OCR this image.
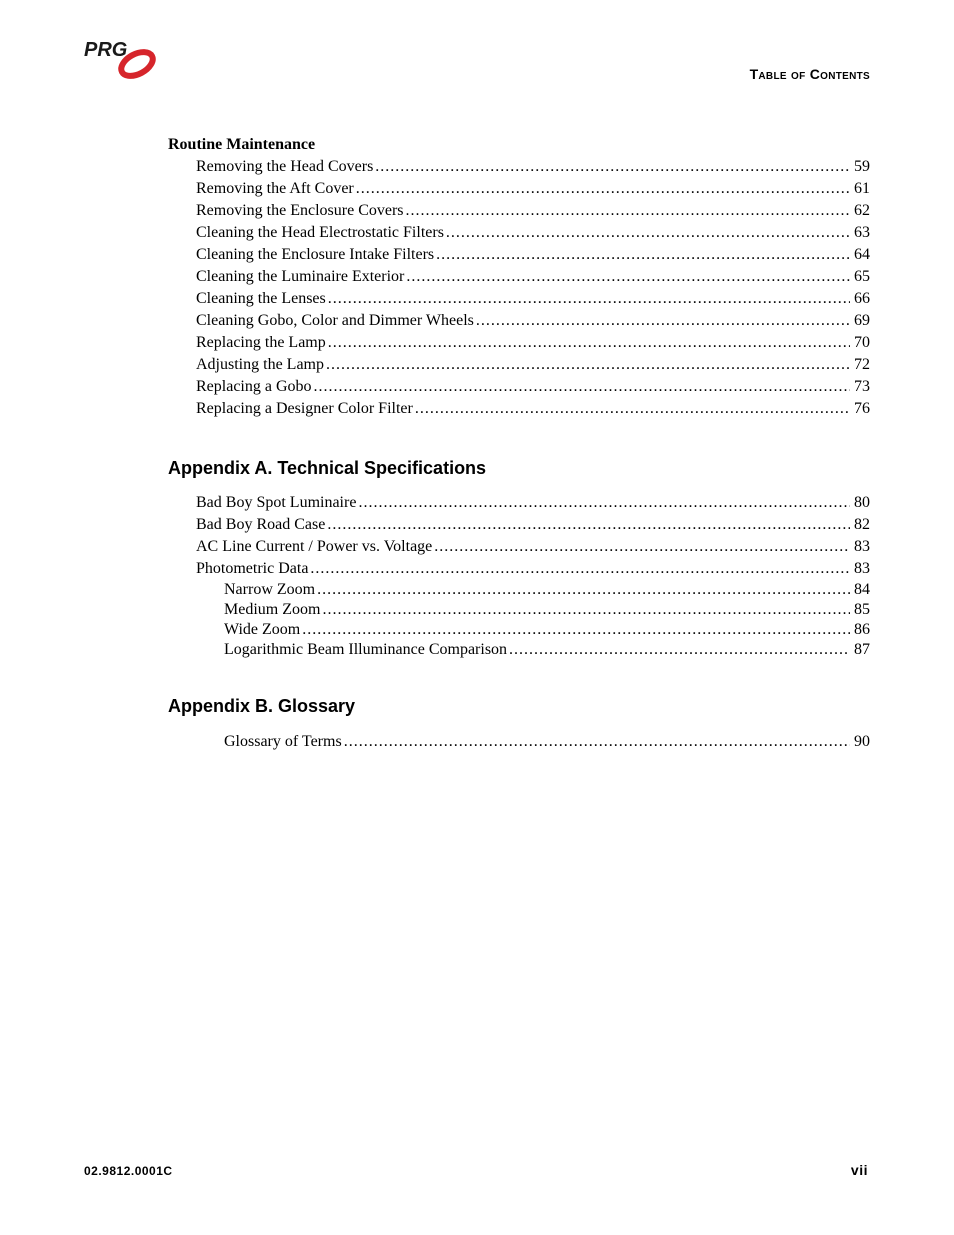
PRG
Table of Contents
Routine Maintenance
Removing the Head Covers .....	59
Removing the Aft Cover .....	61
Removing the Enclosure Covers .....	62
Cleaning the Head Electrostatic Filters .....	63
Cleaning the Enclosure Intake Filters .....	64
Cleaning the Luminaire Exterior .....	65
Cleaning the Lenses .....	66
Cleaning Gobo, Color and Dimmer Wheels .....	69
Replacing the Lamp .....	70
Adjusting the Lamp .....	72
Replacing a Gobo .....	73
Replacing a Designer Color Filter .....	76
Appendix A. Technical Specifications
Bad Boy Spot Luminaire .....	80
Bad Boy Road Case .....	82
AC Line Current / Power vs. Voltage .....	83
Photometric Data .....	83
Narrow Zoom .....	84
Medium Zoom .....	85
Wide Zoom .....	86
Logarithmic Beam Illuminance Comparison .....	87
Appendix B. Glossary
Glossary of Terms .....	90
02.9812.0001C	vii
